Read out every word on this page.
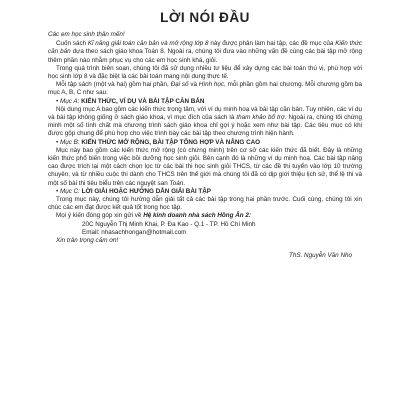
LỜI NÓI ĐẦU

Các em học sinh thân mến!

Cuốn sách Kĩ năng giải toán căn bản và mở rộng lớp 8 này được phân làm hai tập, các đề mục của Kiến thức căn bản dựa theo sách giáo khoa Toán 8. Ngoài ra, chúng tôi đưa vào những vấn đề cùng các bài tập mở rộng thêm phần nào nhằm phục vụ cho các em học sinh khá, giỏi.

Trong quá trình biên soạn, chúng tôi đã sử dụng nhiều tư liệu để xây dựng các bài toán thú vị, phù hợp với học sinh lớp 8 và đặc biệt là các bài toán mang nội dung thực tế.

Mỗi tập sách (một và hai) gồm hai phần, Đại số và Hình học, mỗi phần gồm hai chương. Mỗi chương gồm ba mục A, B, C như sau:

• Mục A: KIẾN THỨC, VÍ DỤ VÀ BÀI TẬP CĂN BẢN

Nội dung mục A bao gồm các kiến thức trọng tâm, với ví dụ minh hoạ và bài tập căn bản. Tuy nhiên, các ví dụ và bài tập không giống ở sách giáo khoa, vì mục đích của sách là tham khảo bổ trợ. Ngoài ra, chúng tôi chứng minh một số tính chất mà chương trình sách giáo khoa chỉ gợi ý hoặc xem như bài tập. Các tiêu mục có khi được gộp chung để phù hợp cho việc trình bày các bài tập theo chương trình hiện hành.

• Mục B: KIẾN THỨC MỞ RỘNG, BÀI TẬP TỔNG HỢP VÀ NÂNG CAO

Mục này bao gồm các kiến thức mở rộng (có chứng minh) trên cơ sở các kiến thức đã biết. Đây là những kiến thức phổ biến trong việc bồi dưỡng học sinh giỏi. Bên cạnh đó là những ví dụ minh hoạ. Các bài tập nâng cao được trích lại một cách chọn lọc từ các bài thi học sinh giỏi THCS, từ các đề thi tuyển vào lớp 10 trường chuyên, và từ nhiều cuộc thi dành cho THCS trên thế giới mà chúng tôi đã có dịp giới thiệu lịch sử, thể lệ thi và một số bài thi tiêu biểu trên các nguyệt san Toán.

• Mục C: LỜI GIẢI HOẶC HƯỚNG DẪN GIẢI BÀI TẬP

Trong mục này, chúng tôi hướng dẫn giải tất cả các bài tập trong hai phần trước. Cuối cùng, chúng tôi xin chúc các em đạt được kết quả tốt trong học tập.

Mọi ý kiến đóng góp xin gửi về Hệ kinh doanh nhà sách Hồng Ân 2:

20C Nguyễn Thị Minh Khai, P. Đa Kao - Q.1 - TP. Hồ Chí Minh
Email: nhasachhongan@hotmail.com

Xin trân trọng cảm ơn!

ThS. Nguyễn Văn Nho
